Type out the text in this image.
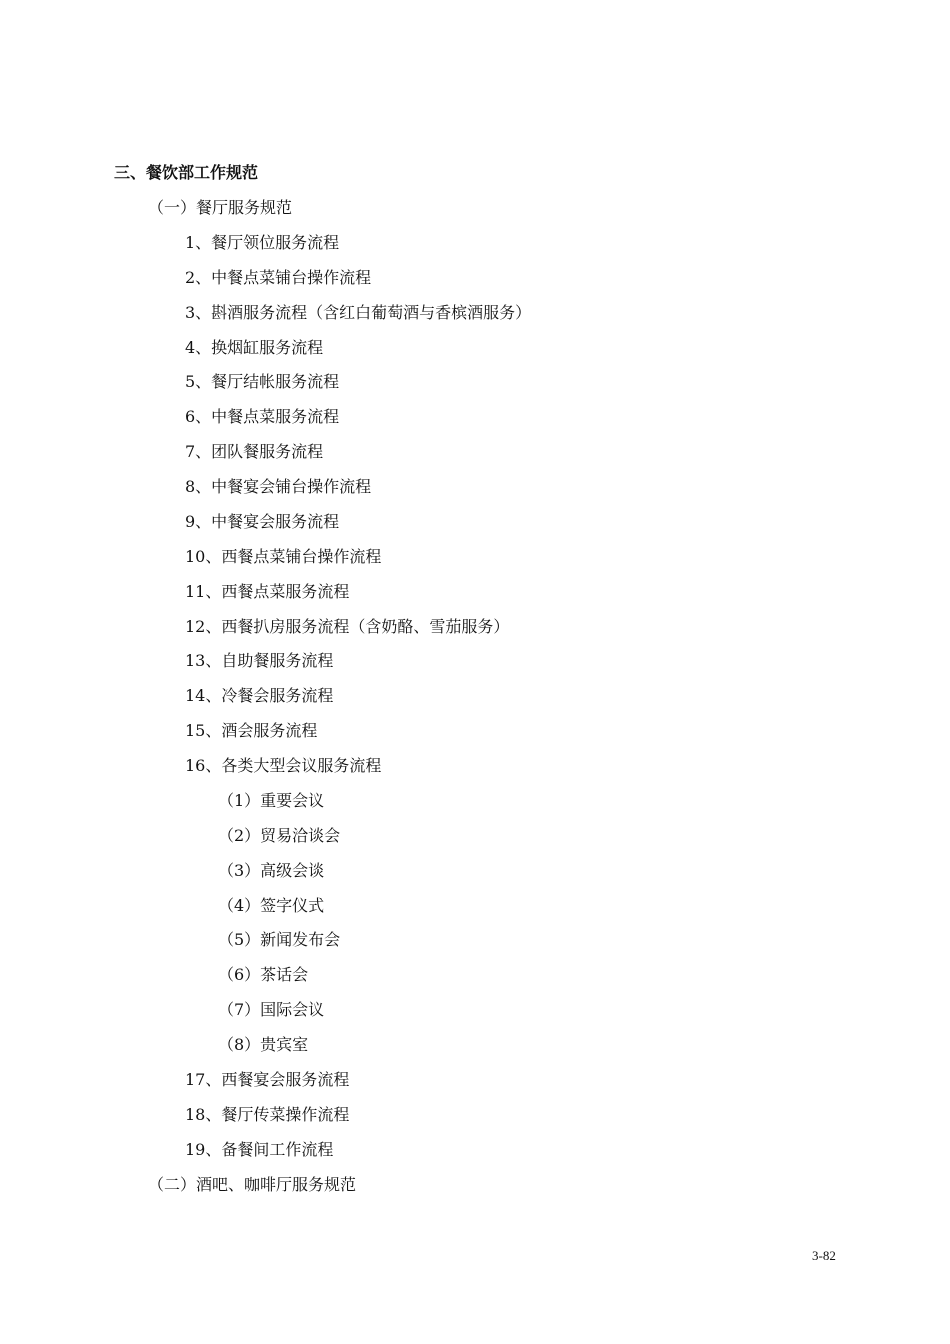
三、餐饮部工作规范
（一）餐厅服务规范
1、餐厅领位服务流程
2、中餐点菜铺台操作流程
3、斟酒服务流程（含红白葡萄酒与香槟酒服务）
4、换烟缸服务流程
5、餐厅结帐服务流程
6、中餐点菜服务流程
7、团队餐服务流程
8、中餐宴会铺台操作流程
9、中餐宴会服务流程
10、西餐点菜铺台操作流程
11、西餐点菜服务流程
12、西餐扒房服务流程（含奶酪、雪茄服务）
13、自助餐服务流程
14、冷餐会服务流程
15、酒会服务流程
16、各类大型会议服务流程
（1）重要会议
（2）贸易洽谈会
（3）高级会谈
（4）签字仪式
（5）新闻发布会
（6）茶话会
（7）国际会议
（8）贵宾室
17、西餐宴会服务流程
18、餐厅传菜操作流程
19、备餐间工作流程
（二）酒吧、咖啡厅服务规范
3-82
